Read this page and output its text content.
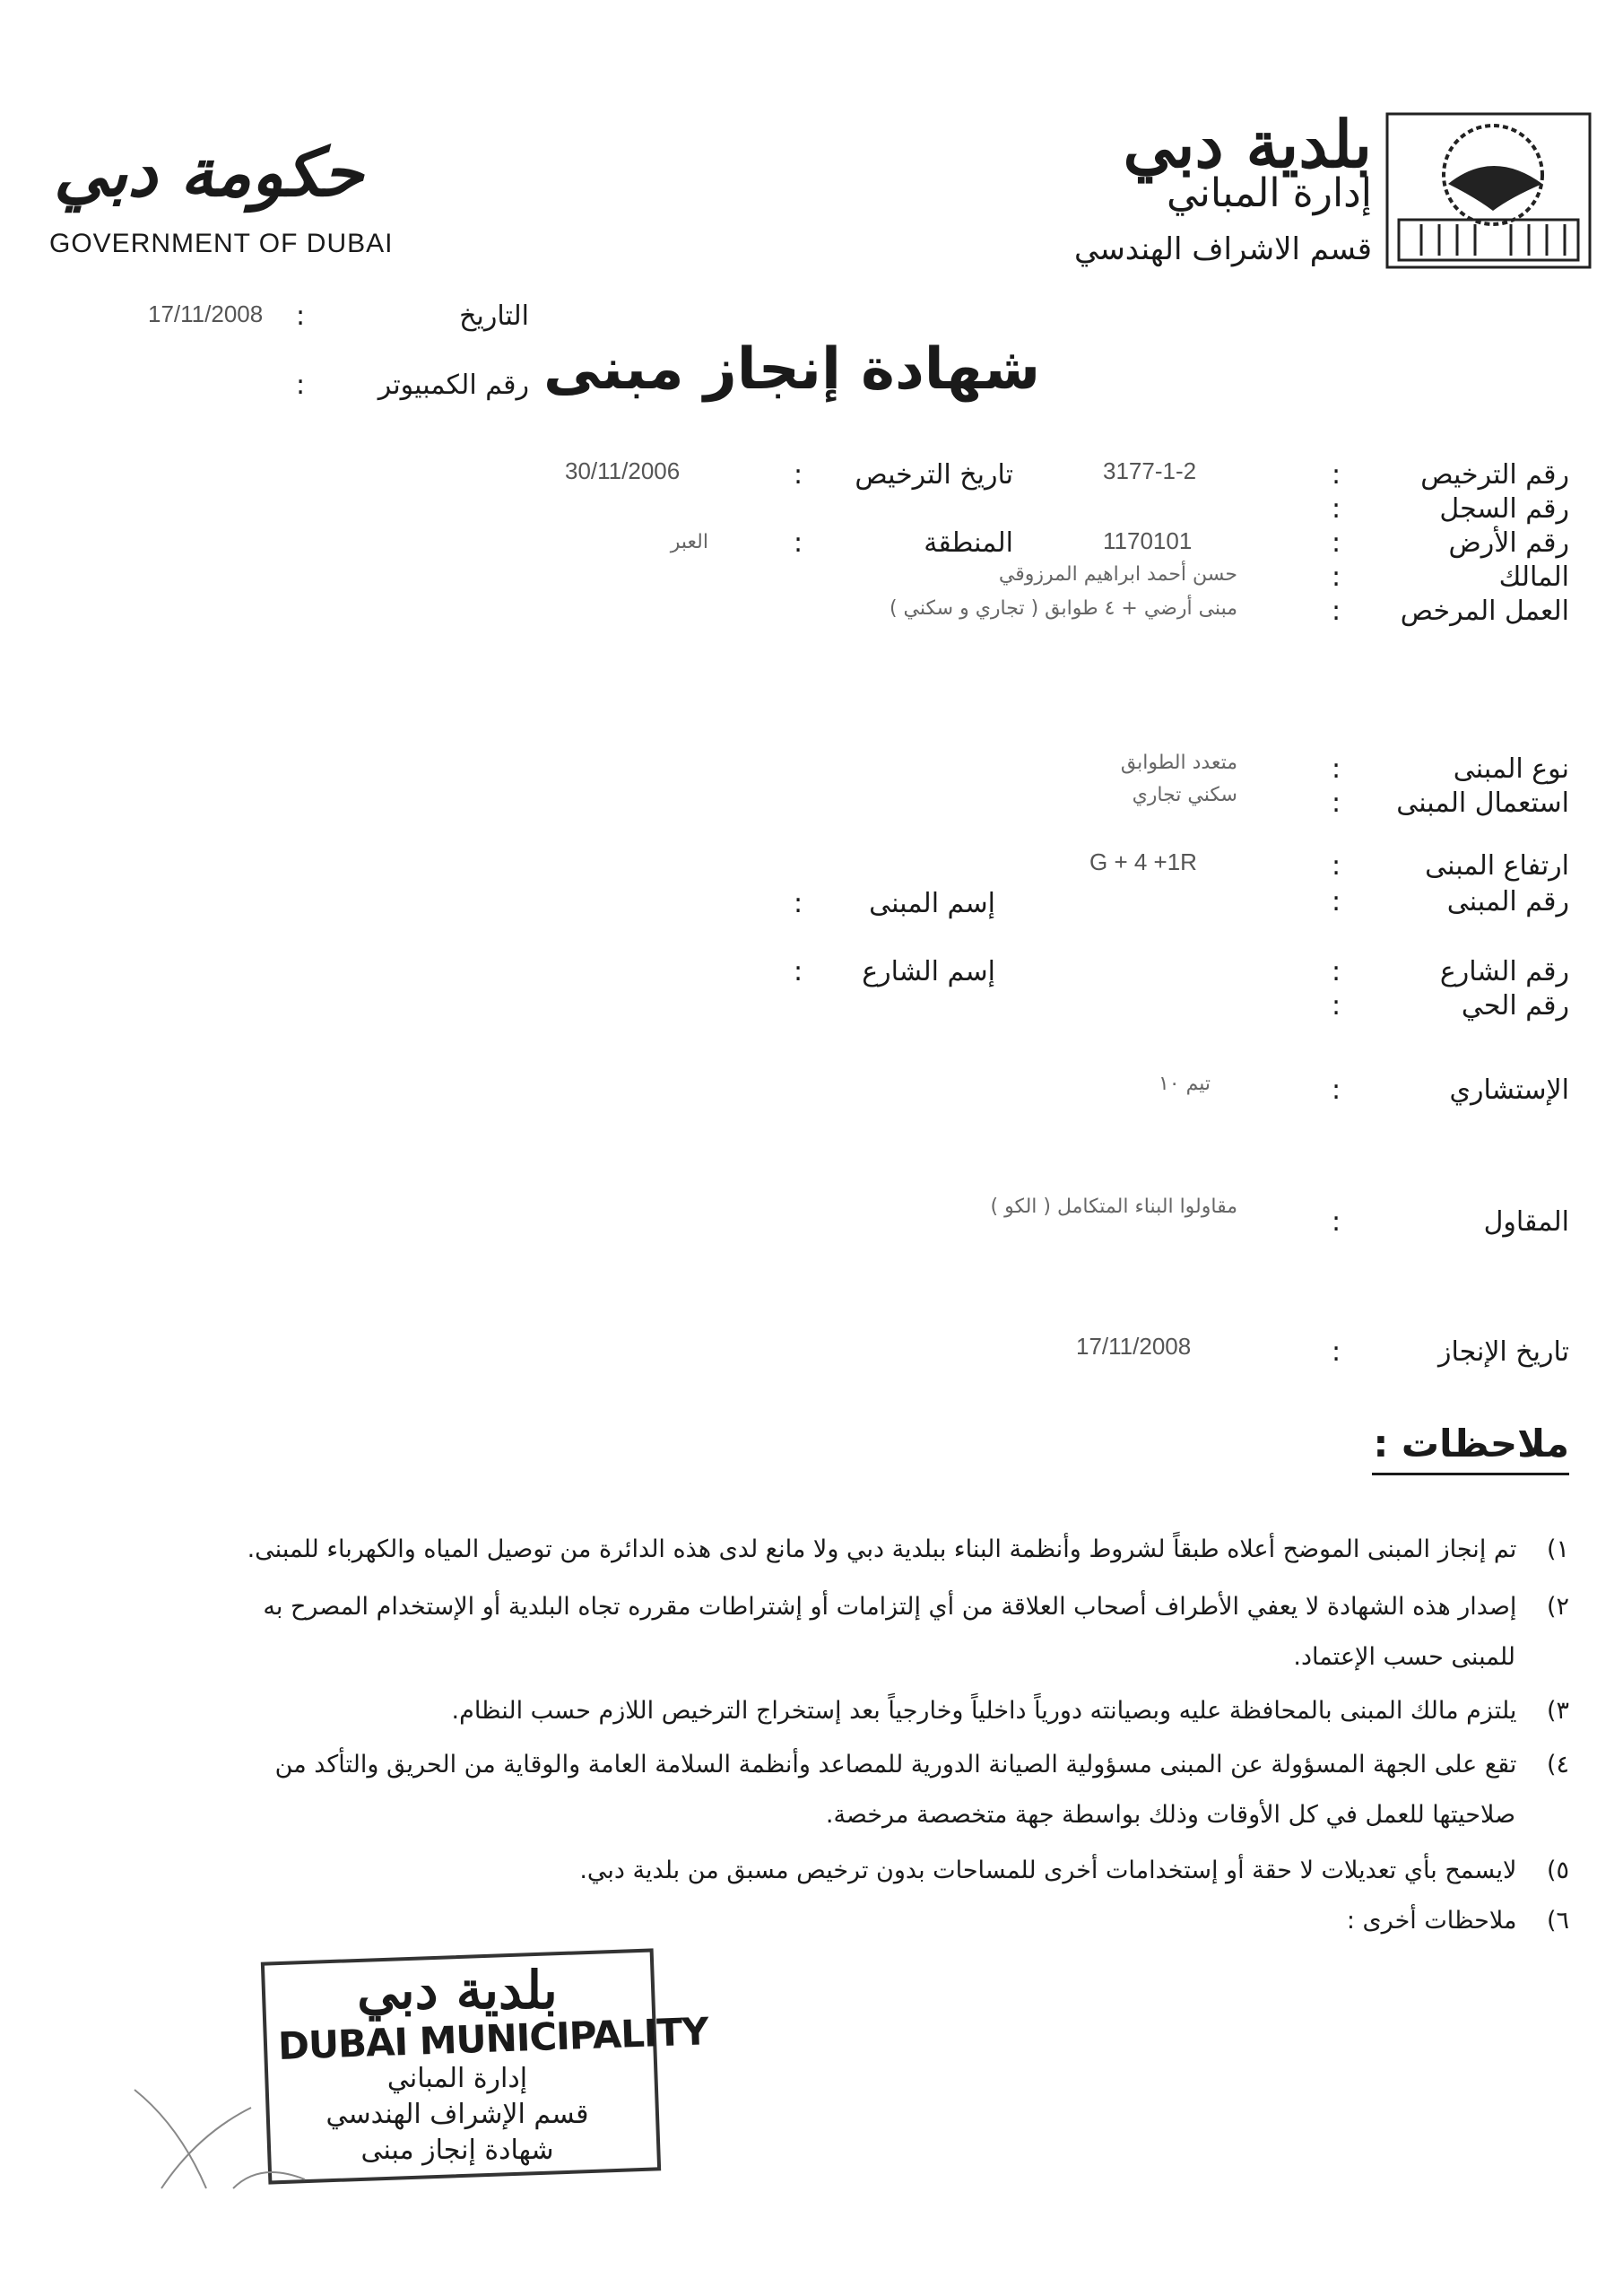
حكومة دبي
GOVERNMENT OF DUBAI
بلدية دبي
إدارة المباني
قسم الاشراف الهندسي
التاريخ
:
17/11/2008
رقم الكمبيوتر
:	شهادة إنجاز مبنى
رقم الترخيص
:
3177-1-2
رقم السجل
:
رقم الأرض
:
1170101
المالك
:
حسن أحمد ابراهيم المرزوقي
العمل المرخص
:
مبنى أرضي + ٤ طوابق ( تجاري و سكني )
تاريخ الترخيص
:
30/11/2006
المنطقة
:
العبر
نوع المبنى
:
متعدد الطوابق
استعمال المبنى
:
سكني تجاري
ارتفاع المبنى
:
G + 4 +1R
رقم المبنى
:
إسم المبنى
:
رقم الشارع
:
إسم الشارع
:
رقم الحي
:
الإستشاري
:
تيم ١٠
المقاول
:
مقاولوا البناء المتكامل ( الكو )
تاريخ الإنجاز
:
17/11/2008
ملاحظات :
١) تم إنجاز المبنى الموضح أعلاه طبقاً لشروط وأنظمة البناء ببلدية دبي ولا مانع لدى هذه الدائرة من توصيل المياه والكهرباء للمبنى.
٢) إصدار هذه الشهادة لا يعفي الأطراف أصحاب العلاقة من أي إلتزامات أو إشتراطات مقرره تجاه البلدية أو الإستخدام المصرح به
للمبنى حسب الإعتماد.
٣) يلتزم مالك المبنى بالمحافظة عليه وبصيانته دورياً داخلياً وخارجياً بعد إستخراج الترخيص اللازم حسب النظام.
٤) تقع على الجهة المسؤولة عن المبنى مسؤولية الصيانة الدورية للمصاعد وأنظمة السلامة العامة والوقاية من الحريق والتأكد من
صلاحيتها للعمل في كل الأوقات وذلك بواسطة جهة متخصصة مرخصة.
٥) لايسمح بأي تعديلات لا حقة أو إستخدامات أخرى للمساحات بدون ترخيص مسبق من بلدية دبي.
٦) ملاحظات أخرى :
بلدية دبي
DUBAI MUNICIPALITY
إدارة المباني
قسم الإشراف الهندسي
شهادة إنجاز مبنى
